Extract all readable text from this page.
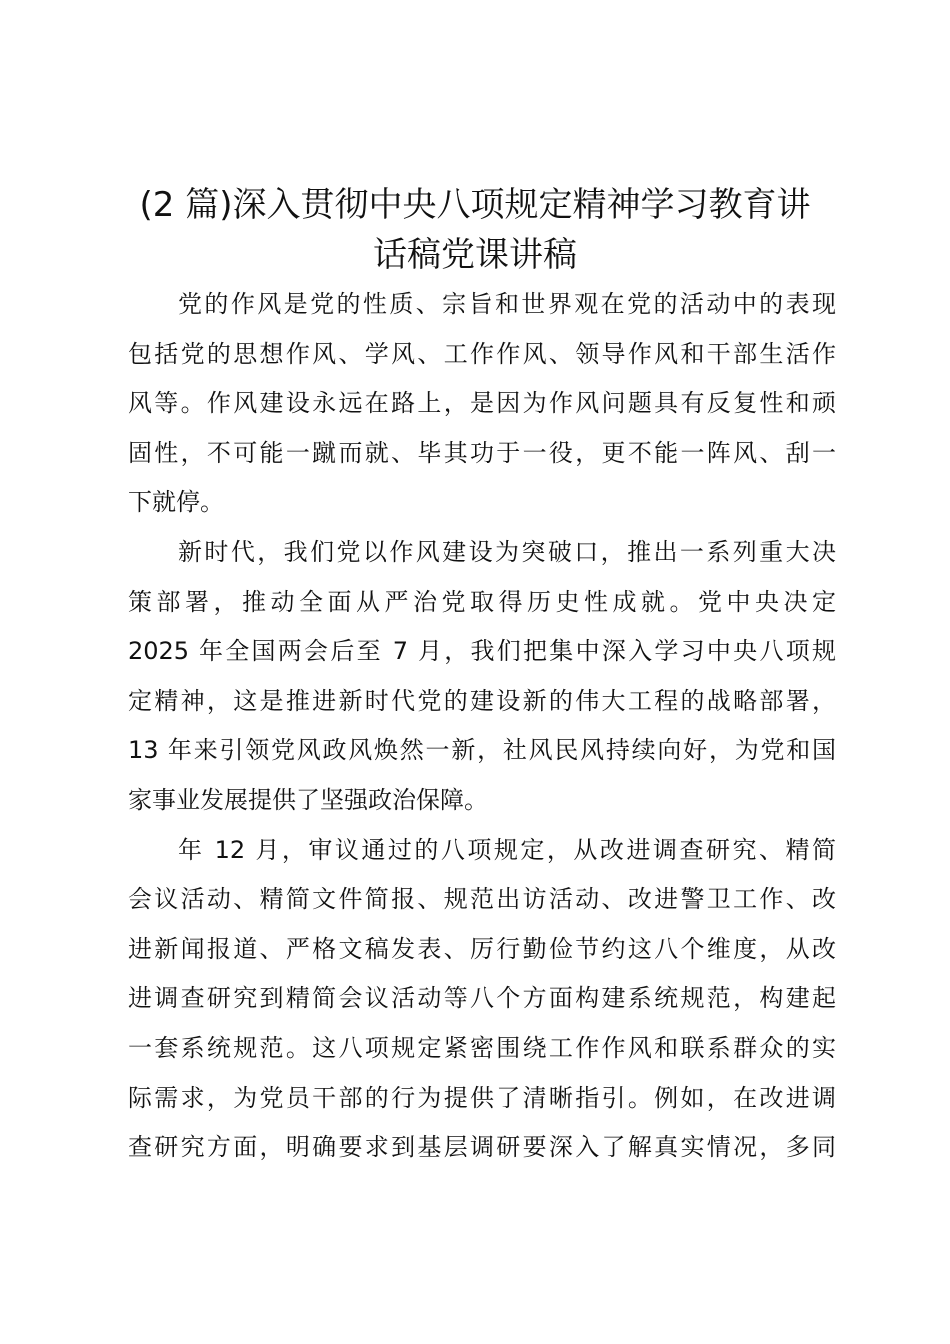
(2 篇)深入贯彻中央八项规定精神学习教育讲
话稿党课讲稿
党的作风是党的性质、宗旨和世界观在党的活动中的表现
包括党的思想作风、学风、工作作风、领导作风和干部生活作
风等。作风建设永远在路上，是因为作风问题具有反复性和顽
固性，不可能一蹴而就、毕其功于一役，更不能一阵风、刮一
下就停。
新时代，我们党以作风建设为突破口，推出一系列重大决
策部署，推动全面从严治党取得历史性成就。党中央决定
2025 年全国两会后至 7 月，我们把集中深入学习中央八项规
定精神，这是推进新时代党的建设新的伟大工程的战略部署，
13 年来引领党风政风焕然一新，社风民风持续向好，为党和国
家事业发展提供了坚强政治保障。
年 12 月，审议通过的八项规定，从改进调查研究、精简
会议活动、精简文件简报、规范出访活动、改进警卫工作、改
进新闻报道、严格文稿发表、厉行勤俭节约这八个维度，从改
进调查研究到精简会议活动等八个方面构建系统规范，构建起
一套系统规范。这八项规定紧密围绕工作作风和联系群众的实
际需求，为党员干部的行为提供了清晰指引。例如，在改进调
查研究方面，明确要求到基层调研要深入了解真实情况，多同
